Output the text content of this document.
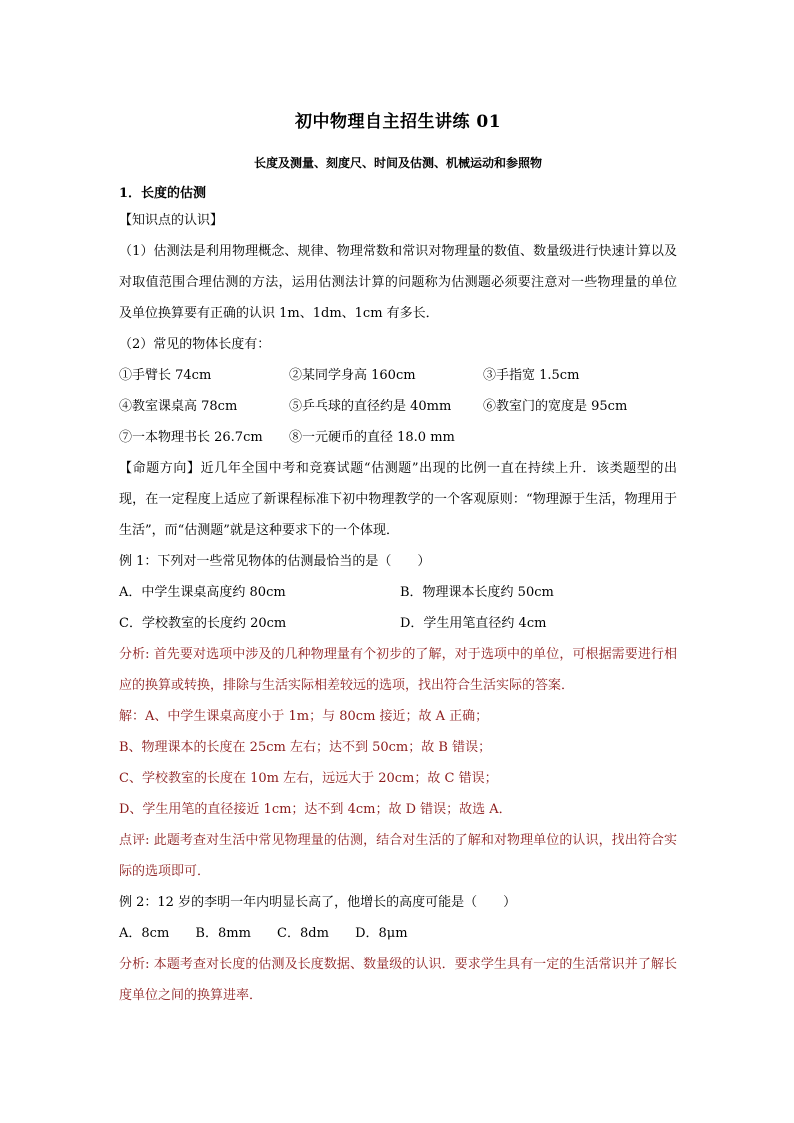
初中物理自主招生讲练 01
长度及测量、刻度尺、时间及估测、机械运动和参照物
1．长度的估测
【知识点的认识】
（1）估测法是利用物理概念、规律、物理常数和常识对物理量的数值、数量级进行快速计算以及对取值范围合理估测的方法，运用估测法计算的问题称为估测题必须要注意对一些物理量的单位及单位换算要有正确的认识 1m、1dm、1cm 有多长．
（2）常见的物体长度有：
①手臂长 74cm	②某同学身高 160cm	③手指宽 1.5cm
④教室课桌高 78cm	⑤乒乓球的直径约是 40mm	⑥教室门的宽度是 95cm
⑦一本物理书长 26.7cm	⑧一元硬币的直径 18.0 mm
【命题方向】近几年全国中考和竞赛试题“估测题”出现的比例一直在持续上升．该类题型的出现，在一定程度上适应了新课程标准下初中物理教学的一个客观原则：“物理源于生活，物理用于生活”，而“估测题”就是这种要求下的一个体现．
例 1：下列对一些常见物体的估测最恰当的是（　　）
A．中学生课桌高度约 80cm	B．物理课本长度约 50cm
C．学校教室的长度约 20cm	D．学生用笔直径约 4cm
分析: 首先要对选项中涉及的几种物理量有个初步的了解，对于选项中的单位，可根据需要进行相应的换算或转换，排除与生活实际相差较远的选项，找出符合生活实际的答案．
解：A、中学生课桌高度小于 1m；与 80cm 接近；故 A 正确；
B、物理课本的长度在 25cm 左右；达不到 50cm；故 B 错误；
C、学校教室的长度在 10m 左右，远远大于 20cm；故 C 错误；
D、学生用笔的直径接近 1cm；达不到 4cm；故 D 错误；故选 A．
点评: 此题考查对生活中常见物理量的估测，结合对生活的了解和对物理单位的认识，找出符合实际的选项即可．
例 2：12 岁的李明一年内明显长高了，他增长的高度可能是（　　）
A．8cm B．8mm C．8dm D．8μm
分析: 本题考查对长度的估测及长度数据、数量级的认识．要求学生具有一定的生活常识并了解长度单位之间的换算进率．
